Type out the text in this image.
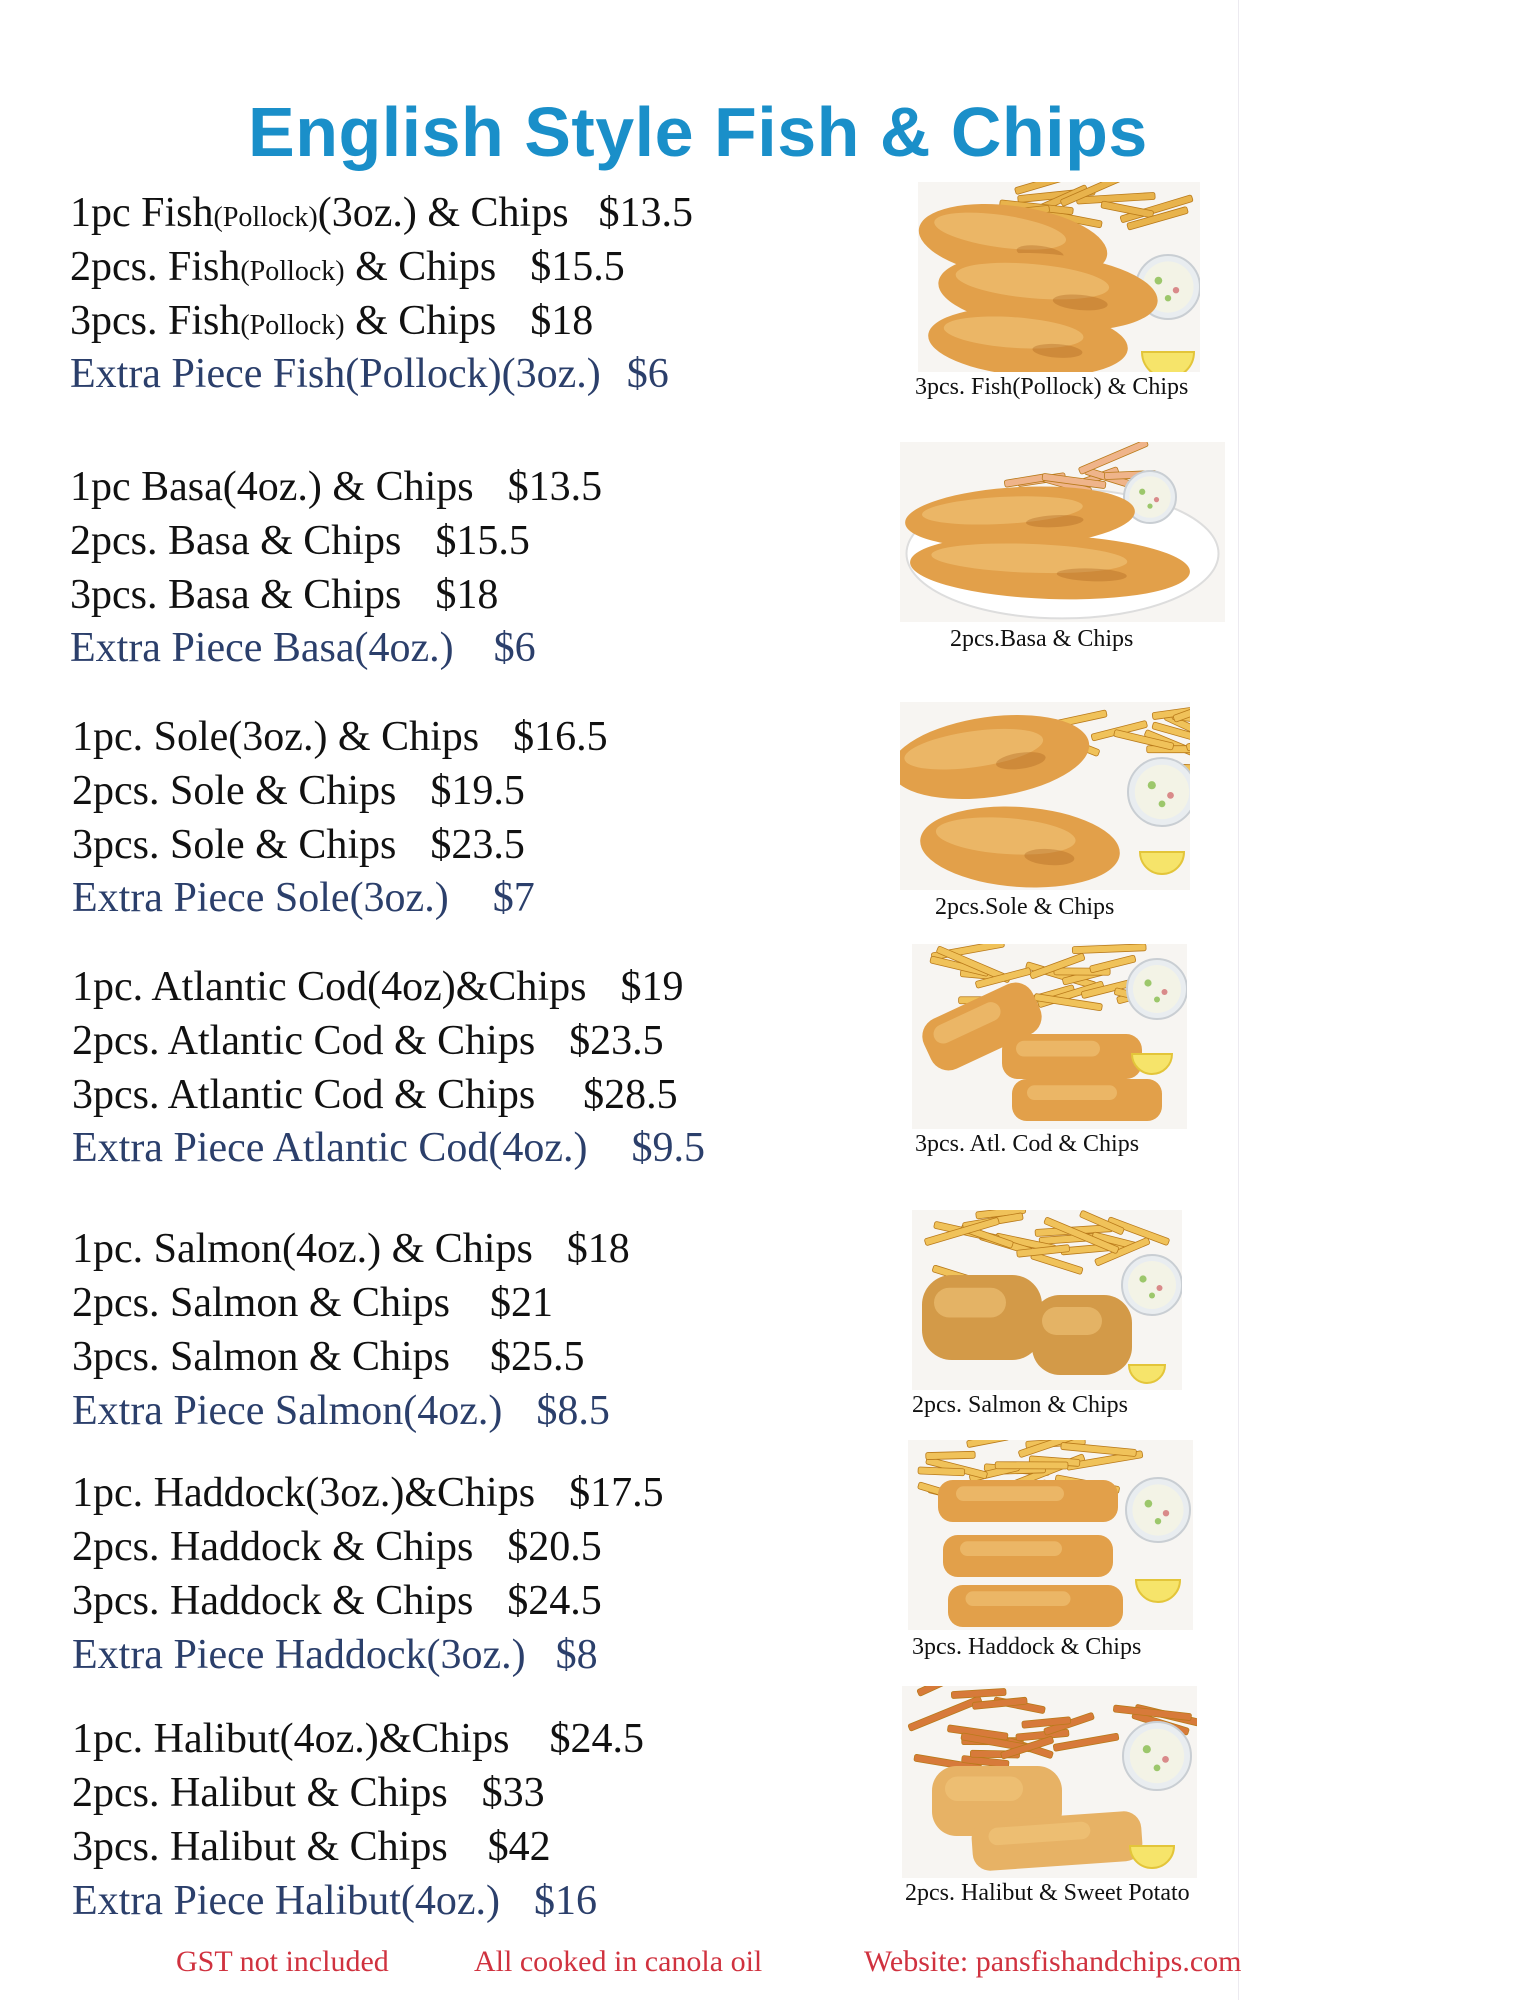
English Style Fish & Chips
1pc Fish(Pollock)(3oz.) & Chips $13.5
2pcs. Fish(Pollock) & Chips $15.5
3pcs. Fish(Pollock) & Chips $18
Extra Piece Fish(Pollock)(3oz.) $6
1pc Basa(4oz.) & Chips $13.5
2pcs. Basa & Chips $15.5
3pcs. Basa & Chips $18
Extra Piece Basa(4oz.) $6
1pc. Sole(3oz.) & Chips $16.5
2pcs. Sole & Chips $19.5
3pcs. Sole & Chips $23.5
Extra Piece Sole(3oz.) $7
1pc. Atlantic Cod(4oz)&Chips $19
2pcs. Atlantic Cod & Chips $23.5
3pcs. Atlantic Cod & Chips $28.5
Extra Piece Atlantic Cod(4oz.) $9.5
1pc. Salmon(4oz.) & Chips $18
2pcs. Salmon & Chips $21
3pcs. Salmon & Chips $25.5
Extra Piece Salmon(4oz.) $8.5
1pc. Haddock(3oz.)&Chips $17.5
2pcs. Haddock & Chips $20.5
3pcs. Haddock & Chips $24.5
Extra Piece Haddock(3oz.) $8
1pc. Halibut(4oz.)&Chips $24.5
2pcs. Halibut & Chips $33
3pcs. Halibut & Chips $42
Extra Piece Halibut(4oz.) $16
3pcs. Fish(Pollock) & Chips
2pcs.Basa & Chips
2pcs.Sole & Chips
3pcs. Atl. Cod & Chips
2pcs. Salmon & Chips
3pcs. Haddock & Chips
2pcs. Halibut & Sweet Potato
GST not included	All cooked in canola oil	Website: pansfishandchips.com
